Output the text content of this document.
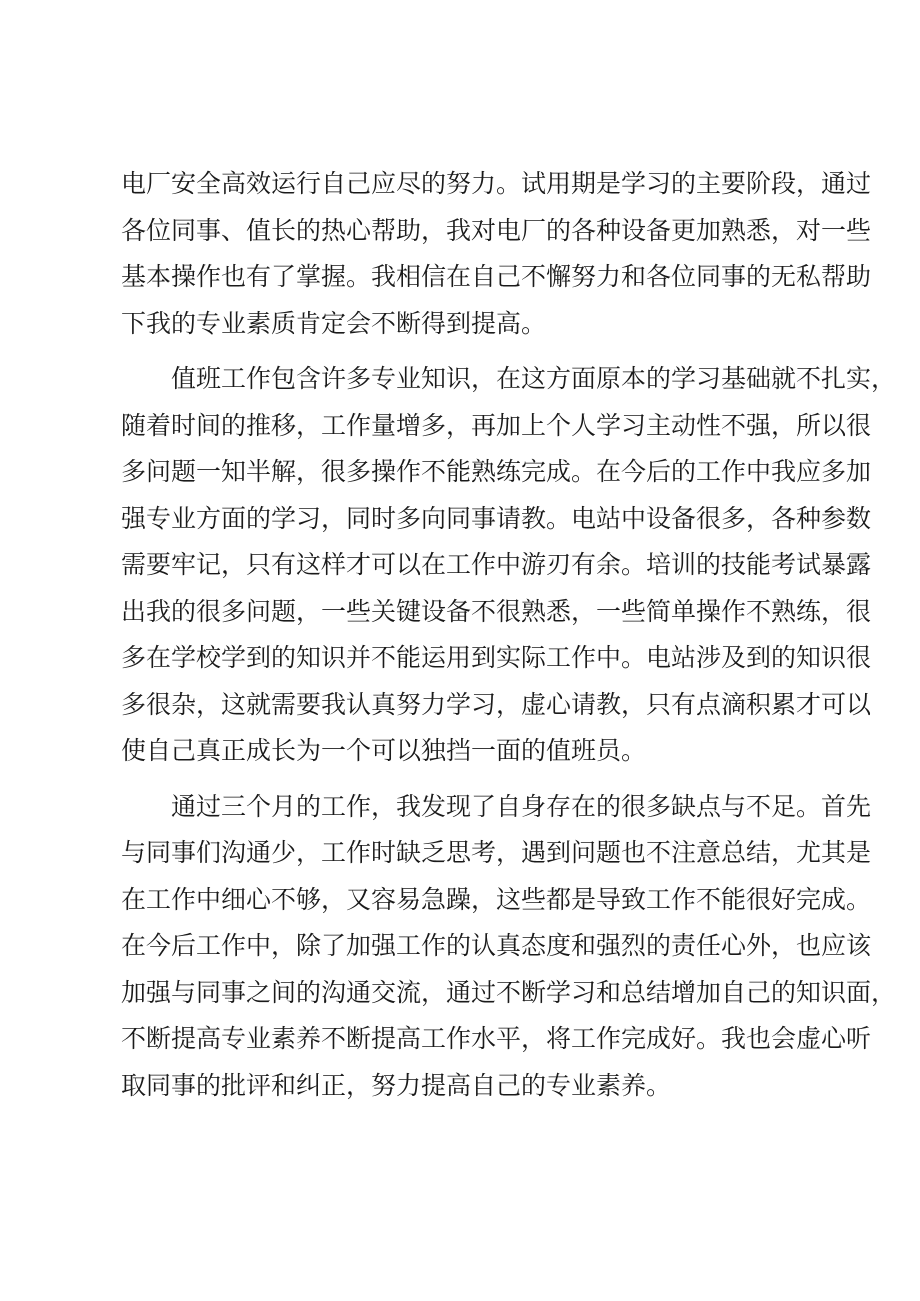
电厂安全高效运行自己应尽的努力。试用期是学习的主要阶段，通过
各位同事、值长的热心帮助，我对电厂的各种设备更加熟悉，对一些
基本操作也有了掌握。我相信在自己不懈努力和各位同事的无私帮助
下我的专业素质肯定会不断得到提高。
　　值班工作包含许多专业知识，在这方面原本的学习基础就不扎实，
随着时间的推移，工作量增多，再加上个人学习主动性不强，所以很
多问题一知半解，很多操作不能熟练完成。在今后的工作中我应多加
强专业方面的学习，同时多向同事请教。电站中设备很多，各种参数
需要牢记，只有这样才可以在工作中游刃有余。培训的技能考试暴露
出我的很多问题，一些关键设备不很熟悉，一些简单操作不熟练，很
多在学校学到的知识并不能运用到实际工作中。电站涉及到的知识很
多很杂，这就需要我认真努力学习，虚心请教，只有点滴积累才可以
使自己真正成长为一个可以独挡一面的值班员。
　　通过三个月的工作，我发现了自身存在的很多缺点与不足。首先
与同事们沟通少，工作时缺乏思考，遇到问题也不注意总结，尤其是
在工作中细心不够，又容易急躁，这些都是导致工作不能很好完成。
在今后工作中，除了加强工作的认真态度和强烈的责任心外，也应该
加强与同事之间的沟通交流，通过不断学习和总结增加自己的知识面，
不断提高专业素养不断提高工作水平，将工作完成好。我也会虚心听
取同事的批评和纠正，努力提高自己的专业素养。
